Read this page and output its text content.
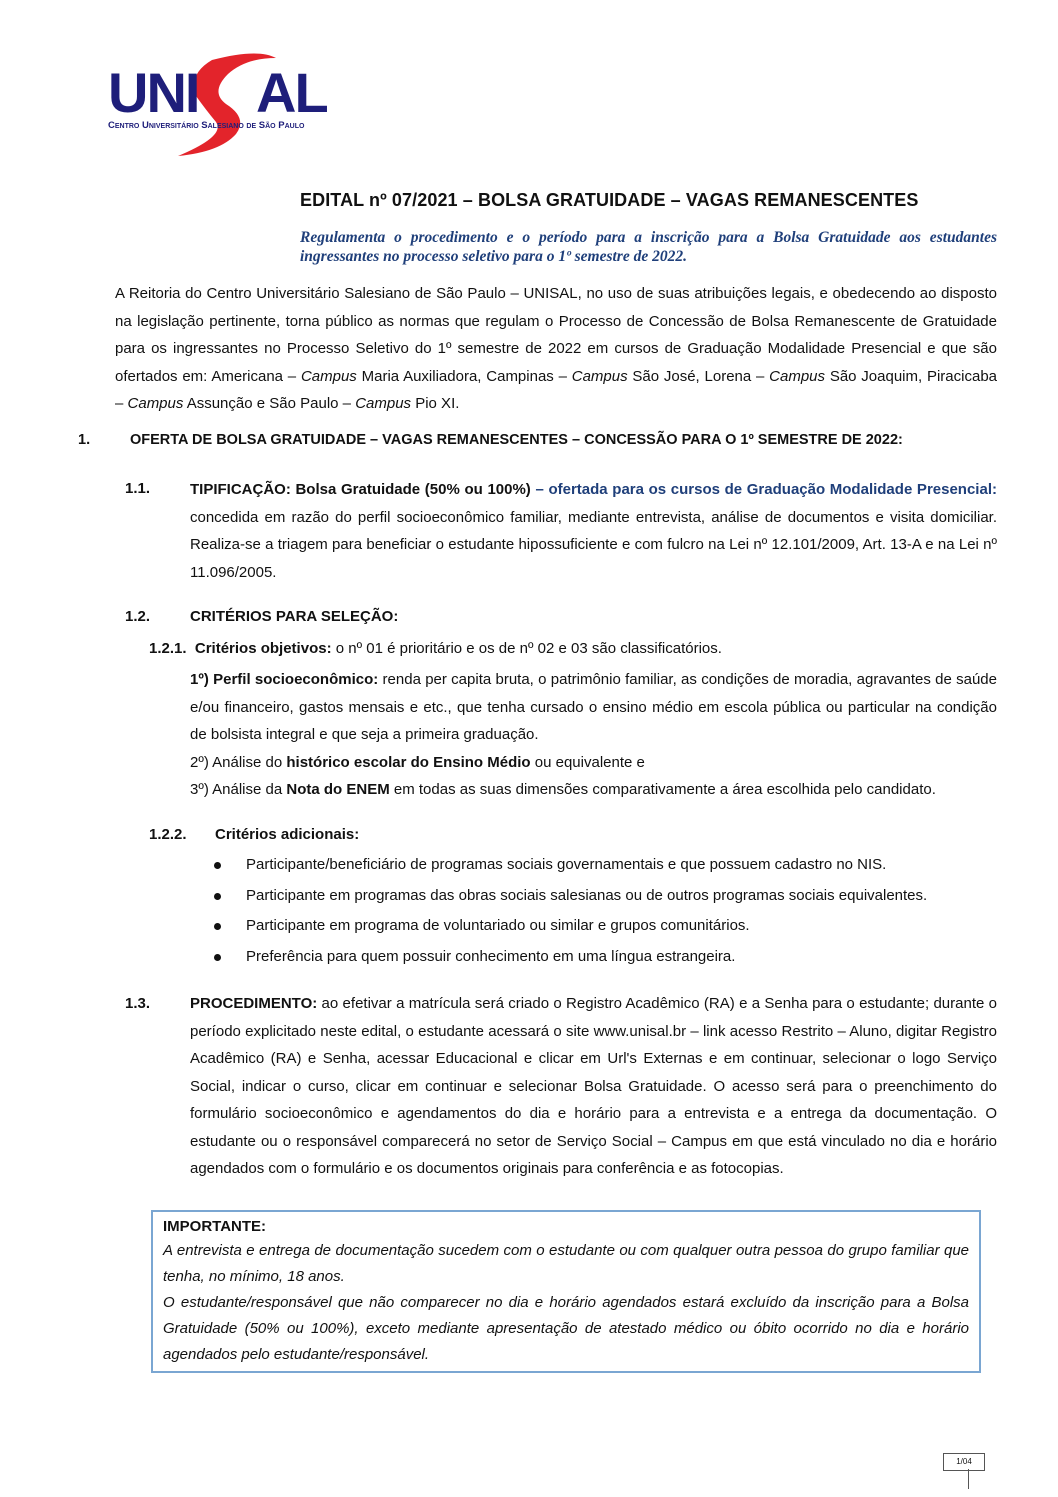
UNI AL
Centro Universitário Salesiano de São Paulo
EDITAL nº 07/2021 – BOLSA GRATUIDADE – VAGAS REMANESCENTES
Regulamenta o procedimento e o período para a inscrição para a Bolsa Gratuidade aos estudantes ingressantes no processo seletivo para o 1º semestre de 2022.
A Reitoria do Centro Universitário Salesiano de São Paulo – UNISAL, no uso de suas atribuições legais, e obedecendo ao disposto na legislação pertinente, torna público as normas que regulam o Processo de Concessão de Bolsa Remanescente de Gratuidade para os ingressantes no Processo Seletivo do 1º semestre de 2022 em cursos de Graduação Modalidade Presencial e que são ofertados em: Americana – Campus Maria Auxiliadora, Campinas – Campus São José, Lorena – Campus São Joaquim, Piracicaba – Campus Assunção e São Paulo – Campus Pio XI.
1.	OFERTA DE BOLSA GRATUIDADE – VAGAS REMANESCENTES – CONCESSÃO PARA O 1º SEMESTRE DE 2022:
1.1.	TIPIFICAÇÃO: Bolsa Gratuidade (50% ou 100%) – ofertada para os cursos de Graduação Modalidade Presencial: concedida em razão do perfil socioeconômico familiar, mediante entrevista, análise de documentos e visita domiciliar. Realiza-se a triagem para beneficiar o estudante hipossuficiente e com fulcro na Lei nº 12.101/2009, Art. 13-A e na Lei nº 11.096/2005.
1.2.	CRITÉRIOS PARA SELEÇÃO:
1.2.1. Critérios objetivos: o nº 01 é prioritário e os de nº 02 e 03 são classificatórios.
1º) Perfil socioeconômico: renda per capita bruta, o patrimônio familiar, as condições de moradia, agravantes de saúde e/ou financeiro, gastos mensais e etc., que tenha cursado o ensino médio em escola pública ou particular na condição de bolsista integral e que seja a primeira graduação.
2º) Análise do histórico escolar do Ensino Médio ou equivalente e
3º) Análise da Nota do ENEM em todas as suas dimensões comparativamente a área escolhida pelo candidato.
1.2.2. Critérios adicionais:
Participante/beneficiário de programas sociais governamentais e que possuem cadastro no NIS.
Participante em programas das obras sociais salesianas ou de outros programas sociais equivalentes.
Participante em programa de voluntariado ou similar e grupos comunitários.
Preferência para quem possuir conhecimento em uma língua estrangeira.
1.3.	PROCEDIMENTO: ao efetivar a matrícula será criado o Registro Acadêmico (RA) e a Senha para o estudante; durante o período explicitado neste edital, o estudante acessará o site www.unisal.br – link acesso Restrito – Aluno, digitar Registro Acadêmico (RA) e Senha, acessar Educacional e clicar em Url's Externas e em continuar, selecionar o logo Serviço Social, indicar o curso, clicar em continuar e selecionar Bolsa Gratuidade. O acesso será para o preenchimento do formulário socioeconômico e agendamentos do dia e horário para a entrevista e a entrega da documentação. O estudante ou o responsável comparecerá no setor de Serviço Social – Campus em que está vinculado no dia e horário agendados com o formulário e os documentos originais para conferência e as fotocopias.
IMPORTANTE:
A entrevista e entrega de documentação sucedem com o estudante ou com qualquer outra pessoa do grupo familiar que tenha, no mínimo, 18 anos.
O estudante/responsável que não comparecer no dia e horário agendados estará excluído da inscrição para a Bolsa Gratuidade (50% ou 100%), exceto mediante apresentação de atestado médico ou óbito ocorrido no dia e horário agendados pelo estudante/responsável.
1/04
